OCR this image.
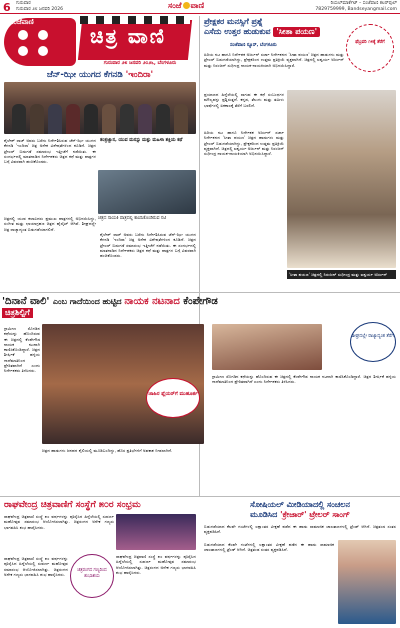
6 ಗುರುವಾರ
ಗುರುವಾರ ೨೮ ಜನವರಿ 2026	ಸಂಜೆ ವಾಣಿ	ರಿಯಲ್‌ಮಾರ್ಕೆಟ್ – ಸಂಜೆವಾಣಿ ಕಲರ್‌ಫುಲ್
7829759999, Bandseyangmail.com
ಸಂಜೆವಾಣಿ
ಚಿತ್ರ ವಾಣಿ
ಗುರುವಾರ ೨೮ ಜನವರಿ ೨೦೨೬, ಬೆಂಗಳೂರು
ಜೆನ್-ಝೀ ಯುಗದ ಕೆಗನಡಿ 'ಇಂದಿರಾ'
ಶೈಲೇಶ್ ರಾಜ್ ಅವರು ಬರೆದು ನಿರ್ದೇಶಿಸಿರುವ ಜೆನ್-ಝೀ ಯುಗದ ಕೆಗನಡಿ 'ಇಂದಿರಾ' ಚಿತ್ರ ಅನೇಕ ವಿಶೇಷತೆಗಳಿಂದ ಕೂಡಿದೆ. ಚಿತ್ರದ ಟ್ರೇಲರ್ ಬಿಡುಗಡೆ ಸಮಾರಂಭ ಇತ್ತೀಚೆಗೆ ನಡೆಯಿತು. ಈ ಸಂದರ್ಭದಲ್ಲಿ ಮಾತನಾಡಿದ ನಿರ್ದೇಶಕರು ಚಿತ್ರದ ಕಥೆ ಮತ್ತು ಪಾತ್ರಗಳ ಬಗ್ಗೆ ವಿವರವಾಗಿ ಹಂಚಿಕೊಂಡರು.
ಚಿತ್ರದಲ್ಲಿ ಯುವ ಕಲಾವಿದರು ಪ್ರಮುಖ ಪಾತ್ರಗಳಲ್ಲಿ ಅಭಿನಯಿಸಿದ್ದು, ಸಂಗೀತ ಮತ್ತು ಛಾಯಾಗ್ರಹಣ ಚಿತ್ರದ ಹೈಲೈಟ್ ಆಗಿವೆ. ಶೀಘ್ರದಲ್ಲೇ ಚಿತ್ರ ರಾಜ್ಯಾದ್ಯಂತ ಬಿಡುಗಡೆಯಾಗಲಿದೆ.
ತಂತ್ರಜ್ಞಾನ, ಯುವ ಮನಸ್ಸು ಮತ್ತು ಮಹಿಳಾ ಶಕ್ತಿಯ ಕಥೆ
ಚಿತ್ರದ ನಾಯಕಿ ಪಾತ್ರದಲ್ಲಿ ಕಾಣಿಸಿಕೊಂಡಿರುವ ನಟಿ
ಶೈಲೇಶ್ ರಾಜ್ ಅವರು ಬರೆದು ನಿರ್ದೇಶಿಸಿರುವ ಜೆನ್-ಝೀ ಯುಗದ ಕೆಗನಡಿ 'ಇಂದಿರಾ' ಚಿತ್ರ ಅನೇಕ ವಿಶೇಷತೆಗಳಿಂದ ಕೂಡಿದೆ. ಚಿತ್ರದ ಟ್ರೇಲರ್ ಬಿಡುಗಡೆ ಸಮಾರಂಭ ಇತ್ತೀಚೆಗೆ ನಡೆಯಿತು. ಈ ಸಂದರ್ಭದಲ್ಲಿ ಮಾತನಾಡಿದ ನಿರ್ದೇಶಕರು ಚಿತ್ರದ ಕಥೆ ಮತ್ತು ಪಾತ್ರಗಳ ಬಗ್ಗೆ ವಿವರವಾಗಿ ಹಂಚಿಕೊಂಡರು.
ಪ್ರೇಕ್ಷಕರ ಮನಸ್ಸಿಗೆ ಪ್ರಶ್ನೆ
ಎಸೆದು ಉತ್ತರ ಹುಡುಕುವ 'ಸೀತಾ ಪಯಣ'
ಫೆಬ್ರವರಿ ೧೪ಕ್ಕೆ ತೆರೆಗೆ
ಸಂಜೆವಾಣಿ ನ್ಯೂಸ್, ಬೆಂಗಳೂರು
ಹಿರಿಯ ನಟ ಹಾಗೂ ನಿರ್ದೇಶಕ ಅರ್ಜುನ್ ಸರ್ಜಾ ನಿರ್ದೇಶನದ 'ಸೀತಾ ಪಯಣ' ಚಿತ್ರದ ಹಾಡುಗಳು ಮತ್ತು ಟ್ರೇಲರ್ ಬಿಡುಗಡೆಯಾಗಿದ್ದು, ಪ್ರೇಕ್ಷಕರಿಂದ ಉತ್ತಮ ಪ್ರತಿಕ್ರಿಯೆ ವ್ಯಕ್ತವಾಗಿದೆ. ಚಿತ್ರದಲ್ಲಿ ಐಶ್ವರ್ಯ ಅರ್ಜುನ್ ಮತ್ತು ನಿರಂಜನ್ ಸುಧೀಂದ್ರ ನಾಯಕ-ನಾಯಕಿಯಾಗಿ ಅಭಿನಯಿಸಿದ್ದಾರೆ.
ಪ್ರಯಾಣದ ಹಿನ್ನೆಲೆಯಲ್ಲಿ ಸಾಗುವ ಈ ಕಥೆ ಸಂಬಂಧಗಳ ಮೌಲ್ಯವನ್ನು ಪ್ರಶ್ನಿಸುತ್ತದೆ. ಕನ್ನಡ, ತೆಲುಗು ಮತ್ತು ತಮಿಳು ಭಾಷೆಗಳಲ್ಲಿ ಏಕಕಾಲಕ್ಕೆ ತೆರೆಗೆ ಬರಲಿದೆ.
ಹಿರಿಯ ನಟ ಹಾಗೂ ನಿರ್ದೇಶಕ ಅರ್ಜುನ್ ಸರ್ಜಾ ನಿರ್ದೇಶನದ 'ಸೀತಾ ಪಯಣ' ಚಿತ್ರದ ಹಾಡುಗಳು ಮತ್ತು ಟ್ರೇಲರ್ ಬಿಡುಗಡೆಯಾಗಿದ್ದು, ಪ್ರೇಕ್ಷಕರಿಂದ ಉತ್ತಮ ಪ್ರತಿಕ್ರಿಯೆ ವ್ಯಕ್ತವಾಗಿದೆ. ಚಿತ್ರದಲ್ಲಿ ಐಶ್ವರ್ಯ ಅರ್ಜುನ್ ಮತ್ತು ನಿರಂಜನ್ ಸುಧೀಂದ್ರ ನಾಯಕ-ನಾಯಕಿಯಾಗಿ ಅಭಿನಯಿಸಿದ್ದಾರೆ.
'ಸೀತಾ ಪಯಣ' ಚಿತ್ರದಲ್ಲಿ ನಿರಂಜನ್ ಸುಧೀಂದ್ರ ಮತ್ತು ಐಶ್ವರ್ಯ ಅರ್ಜುನ್
'ದಿನಾನೆ ವಾಲಿ' ಎಂಬ ಗಾದೆಯಿಂದ ಹುಟ್ಟಿದ ನಾಯಕ ನಟನಾದ ಕೆಂಪೇಗೌಡ
ಚಿತ್ರಶಿಲ್ಪಿಗೆ
ಗ್ರಾಮೀಣ ಸೊಗಡಿನ ಕಥೆಯನ್ನು ಹೊಂದಿರುವ ಈ ಚಿತ್ರದಲ್ಲಿ ಕೆಂಪೇಗೌಡ ನಾಯಕ ನಟನಾಗಿ ಕಾಣಿಸಿಕೊಂಡಿದ್ದಾರೆ. ಚಿತ್ರದ ಶೀರ್ಷಿಕೆ ಹಳ್ಳಿಯ ಗಾದೆಮಾತಿನಿಂದ ಪ್ರೇರಿತವಾಗಿದೆ ಎಂದು ನಿರ್ದೇಶಕರು ತಿಳಿಸಿದರು.
ಜಾಹಿರ ಫ್ಲೆಯರ್‌ಗೆ ಮುಹೂರ್ತ
ಚಿತ್ರದ ಹಾಡುಗಳು ಜನಪದ ಶೈಲಿಯಲ್ಲಿ ಮೂಡಿಬಂದಿದ್ದು, ಹೊಸ ಪ್ರತಿಭೆಗಳಿಗೆ ಅವಕಾಶ ನೀಡಲಾಗಿದೆ.
ಶೀಘ್ರದಲ್ಲೇ ರಾಜ್ಯಾದ್ಯಂತ ತೆರೆಗೆ
ಗ್ರಾಮೀಣ ಸೊಗಡಿನ ಕಥೆಯನ್ನು ಹೊಂದಿರುವ ಈ ಚಿತ್ರದಲ್ಲಿ ಕೆಂಪೇಗೌಡ ನಾಯಕ ನಟನಾಗಿ ಕಾಣಿಸಿಕೊಂಡಿದ್ದಾರೆ. ಚಿತ್ರದ ಶೀರ್ಷಿಕೆ ಹಳ್ಳಿಯ ಗಾದೆಮಾತಿನಿಂದ ಪ್ರೇರಿತವಾಗಿದೆ ಎಂದು ನಿರ್ದೇಶಕರು ತಿಳಿಸಿದರು.
ರಾಘವೇಂದ್ರ ಚಿತ್ರವಾಣಿಗೆ ಸಂಸ್ಥೆಗೆ ೫೦ರ ಸಂಭ್ರಮ
ರಾಘವೇಂದ್ರ ಚಿತ್ರವಾಣಿ ಸಂಸ್ಥೆ ೫೦ ವರ್ಷಗಳನ್ನು ಪೂರೈಸಿದ ಹಿನ್ನೆಲೆಯಲ್ಲಿ ಸುವರ್ಣ ಮಹೋತ್ಸವ ಸಮಾರಂಭ ಆಯೋಜಿಸಲಾಗಿತ್ತು. ಚಿತ್ರರಂಗದ ಅನೇಕ ಗಣ್ಯರು ಭಾಗವಹಿಸಿ ಶುಭ ಹಾರೈಸಿದರು.
ಚಿತ್ರರಂಗದ ಗಣ್ಯರಿಂದ ಶುಭಾಶಯ
ರಾಘವೇಂದ್ರ ಚಿತ್ರವಾಣಿ ಸಂಸ್ಥೆ ೫೦ ವರ್ಷಗಳನ್ನು ಪೂರೈಸಿದ ಹಿನ್ನೆಲೆಯಲ್ಲಿ ಸುವರ್ಣ ಮಹೋತ್ಸವ ಸಮಾರಂಭ ಆಯೋಜಿಸಲಾಗಿತ್ತು. ಚಿತ್ರರಂಗದ ಅನೇಕ ಗಣ್ಯರು ಭಾಗವಹಿಸಿ ಶುಭ ಹಾರೈಸಿದರು.
ರಾಘವೇಂದ್ರ ಚಿತ್ರವಾಣಿ ಸಂಸ್ಥೆ ೫೦ ವರ್ಷಗಳನ್ನು ಪೂರೈಸಿದ ಹಿನ್ನೆಲೆಯಲ್ಲಿ ಸುವರ್ಣ ಮಹೋತ್ಸವ ಸಮಾರಂಭ ಆಯೋಜಿಸಲಾಗಿತ್ತು. ಚಿತ್ರರಂಗದ ಅನೇಕ ಗಣ್ಯರು ಭಾಗವಹಿಸಿ ಶುಭ ಹಾರೈಸಿದರು.
ಸೋಷಿಯಲ್ ಮೀಡಿಯಾದಲ್ಲಿ ಸಂಚಲನ
ಮೂಡಿಸಿದ 'ಕ್ರೇಜಾರ್' ಟ್ರೇಲರ್ ಸಾಂಗ್
ಬಿಡುಗಡೆಯಾದ ಕೆಲವೇ ಗಂಟೆಗಳಲ್ಲಿ ಲಕ್ಷಾಂತರ ವೀಕ್ಷಣೆ ಪಡೆದ ಈ ಹಾಡು ಸಾಮಾಜಿಕ ಜಾಲತಾಣಗಳಲ್ಲಿ ಟ್ರೆಂಡ್ ಆಗಿದೆ. ಚಿತ್ರತಂಡ ಸಂತಸ ವ್ಯಕ್ತಪಡಿಸಿದೆ.
ಬಿಡುಗಡೆಯಾದ ಕೆಲವೇ ಗಂಟೆಗಳಲ್ಲಿ ಲಕ್ಷಾಂತರ ವೀಕ್ಷಣೆ ಪಡೆದ ಈ ಹಾಡು ಸಾಮಾಜಿಕ ಜಾಲತಾಣಗಳಲ್ಲಿ ಟ್ರೆಂಡ್ ಆಗಿದೆ. ಚಿತ್ರತಂಡ ಸಂತಸ ವ್ಯಕ್ತಪಡಿಸಿದೆ.
